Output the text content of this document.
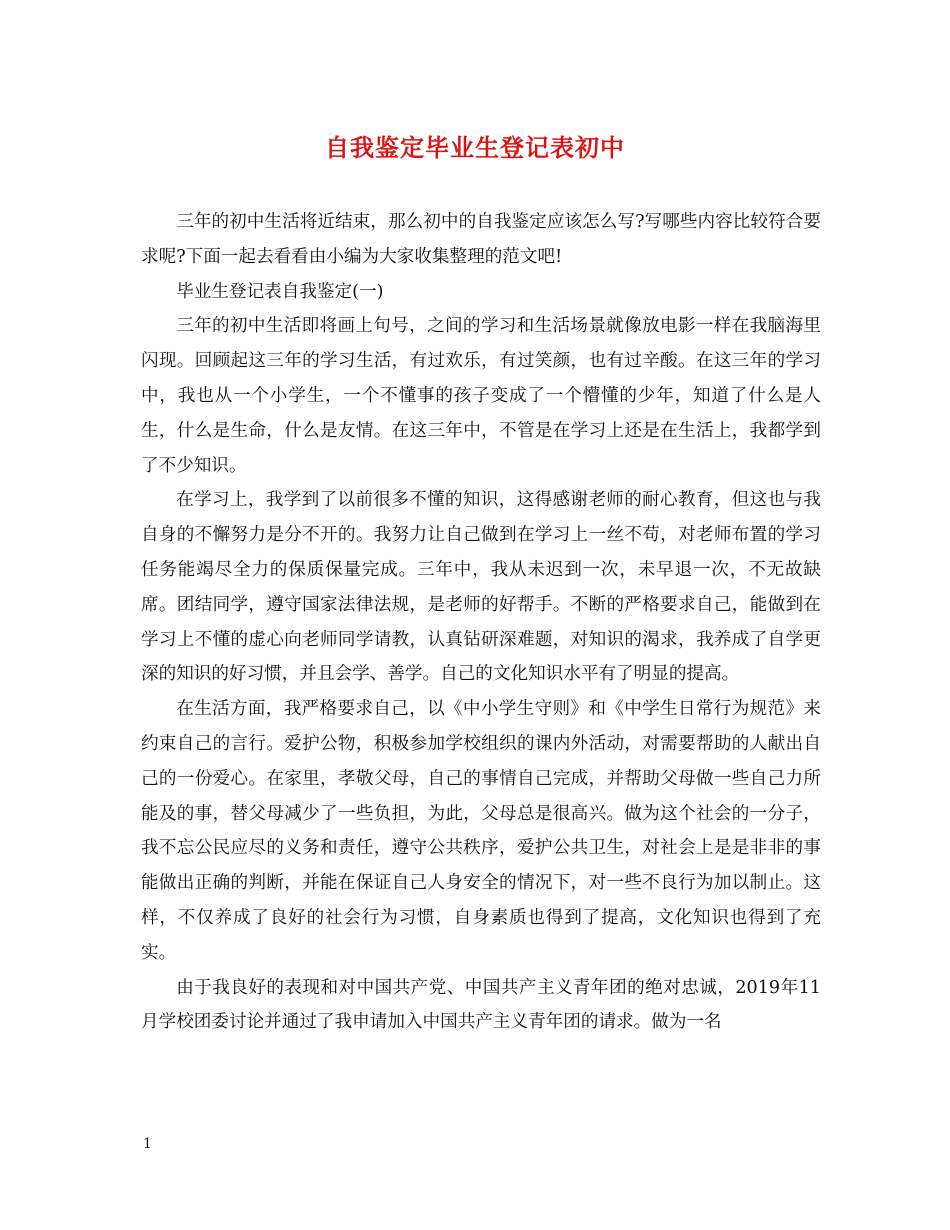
自我鉴定毕业生登记表初中

三年的初中生活将近结束，那么初中的自我鉴定应该怎么写?写哪些内容比较符合要求呢?下面一起去看看由小编为大家收集整理的范文吧!

毕业生登记表自我鉴定(一)

三年的初中生活即将画上句号，之间的学习和生活场景就像放电影一样在我脑海里闪现。回顾起这三年的学习生活，有过欢乐，有过笑颜，也有过辛酸。在这三年的学习中，我也从一个小学生，一个不懂事的孩子变成了一个懵懂的少年，知道了什么是人生，什么是生命，什么是友情。在这三年中，不管是在学习上还是在生活上，我都学到了不少知识。

在学习上，我学到了以前很多不懂的知识，这得感谢老师的耐心教育，但这也与我自身的不懈努力是分不开的。我努力让自己做到在学习上一丝不苟，对老师布置的学习任务能竭尽全力的保质保量完成。三年中，我从未迟到一次，未早退一次，不无故缺席。团结同学，遵守国家法律法规，是老师的好帮手。不断的严格要求自己，能做到在学习上不懂的虚心向老师同学请教，认真钻研深难题，对知识的渴求，我养成了自学更深的知识的好习惯，并且会学、善学。自己的文化知识水平有了明显的提高。

在生活方面，我严格要求自己，以《中小学生守则》和《中学生日常行为规范》来约束自己的言行。爱护公物，积极参加学校组织的课内外活动，对需要帮助的人献出自己的一份爱心。在家里，孝敬父母，自己的事情自己完成，并帮助父母做一些自己力所能及的事，替父母减少了一些负担，为此，父母总是很高兴。做为这个社会的一分子，我不忘公民应尽的义务和责任，遵守公共秩序，爱护公共卫生，对社会上是是非非的事能做出正确的判断，并能在保证自己人身安全的情况下，对一些不良行为加以制止。这样，不仅养成了良好的社会行为习惯，自身素质也得到了提高，文化知识也得到了充实。

由于我良好的表现和对中国共产党、中国共产主义青年团的绝对忠诚，2019年11月学校团委讨论并通过了我申请加入中国共产主义青年团的请求。做为一名

1
